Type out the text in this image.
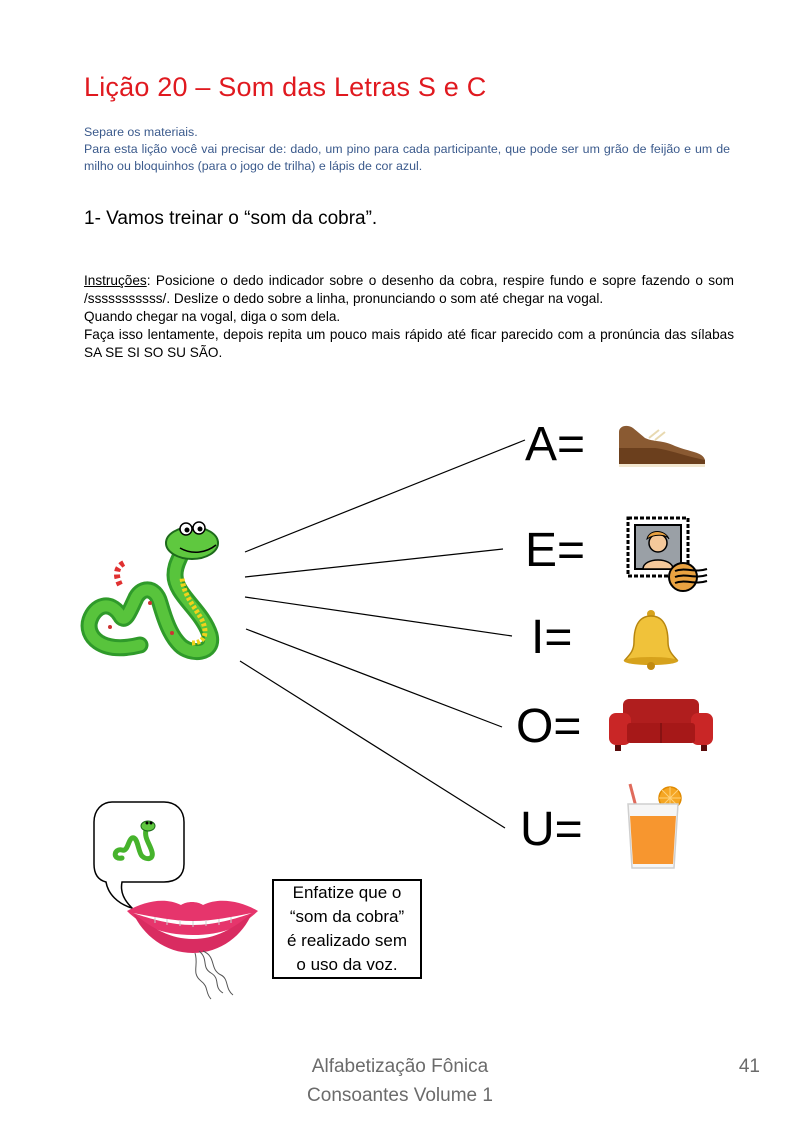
Lição 20 – Som das Letras S e C

Separe os materiais.

Para esta lição você vai precisar de: dado, um pino para cada participante, que pode ser um grão de feijão e um de milho ou bloquinhos (para o jogo de trilha) e lápis de cor azul.

1- Vamos treinar o “som da cobra”.

Instruções: Posicione o dedo indicador sobre o desenho da cobra, respire fundo e sopre fazendo o som /sssssssssss/. Deslize o dedo sobre a linha, pronunciando o som até chegar na vogal.

Quando chegar na vogal, diga o som dela.

Faça isso lentamente, depois repita um pouco mais rápido até ficar parecido com a pronúncia das sílabas SA SE SI SO SU SÃO.

A=
E=
I=
O=
U=
Enfatize que o
“som da cobra”
é realizado sem
o uso da voz.
Alfabetização Fônica
Consoantes Volume 1
41
